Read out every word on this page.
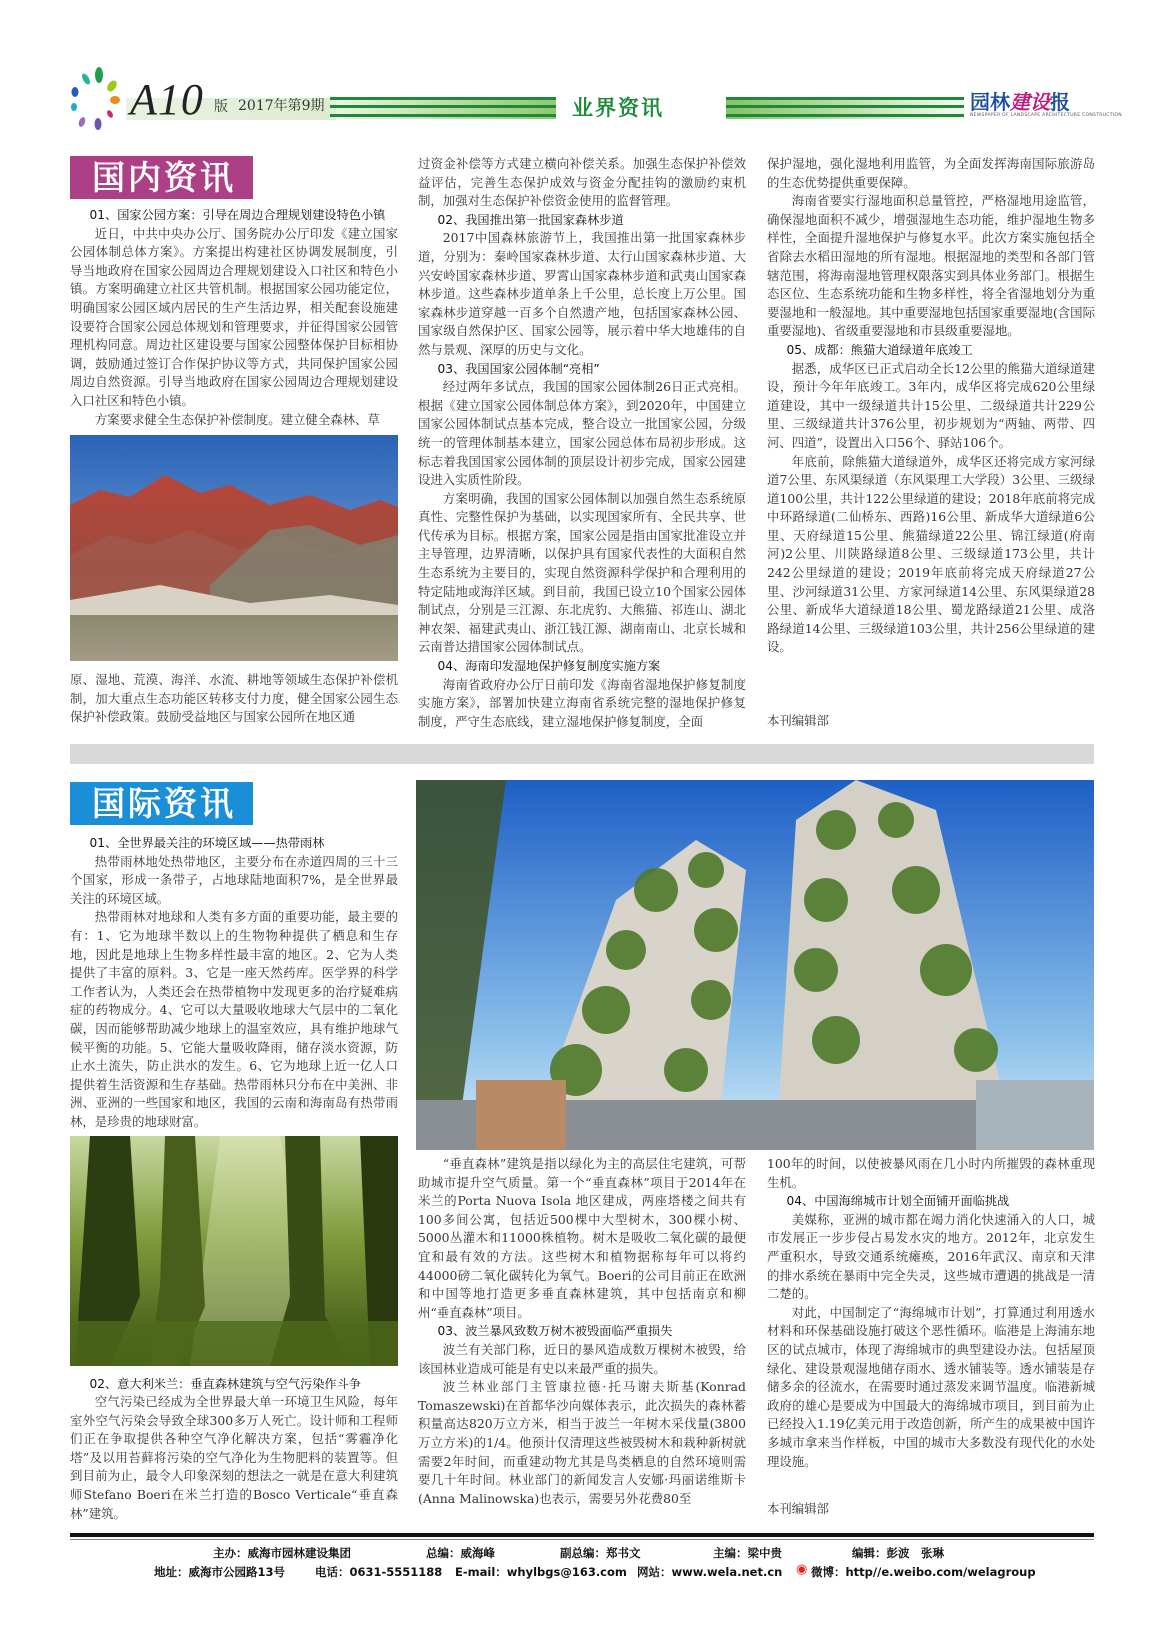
A10 版 2017年第9期	业界资讯	园林建设报
NEWSPAPER OF LANDSCAPE ARCHITECTURE CONSTRUCTION
国内资讯
01、国家公园方案：引导在周边合理规划建设特色小镇

近日，中共中央办公厅、国务院办公厅印发《建立国家公园体制总体方案》。方案提出构建社区协调发展制度，引导当地政府在国家公园周边合理规划建设入口社区和特色小镇。方案明确建立社区共管机制。根据国家公园功能定位，明确国家公园区域内居民的生产生活边界，相关配套设施建设要符合国家公园总体规划和管理要求，并征得国家公园管理机构同意。周边社区建设要与国家公园整体保护目标相协调，鼓励通过签订合作保护协议等方式，共同保护国家公园周边自然资源。引导当地政府在国家公园周边合理规划建设入口社区和特色小镇。

方案要求健全生态保护补偿制度。建立健全森林、草

原、湿地、荒漠、海洋、水流、耕地等领域生态保护补偿机制，加大重点生态功能区转移支付力度，健全国家公园生态保护补偿政策。鼓励受益地区与国家公园所在地区通

过资金补偿等方式建立横向补偿关系。加强生态保护补偿效益评估，完善生态保护成效与资金分配挂钩的激励约束机制，加强对生态保护补偿资金使用的监督管理。

02、我国推出第一批国家森林步道

2017中国森林旅游节上，我国推出第一批国家森林步道，分别为：秦岭国家森林步道、太行山国家森林步道、大兴安岭国家森林步道、罗霄山国家森林步道和武夷山国家森林步道。这些森林步道单条上千公里，总长度上万公里。国家森林步道穿越一百多个自然遗产地，包括国家森林公园、国家级自然保护区、国家公园等，展示着中华大地雄伟的自然与景观、深厚的历史与文化。

03、我国国家公园体制“亮相”

经过两年多试点，我国的国家公园体制26日正式亮相。根据《建立国家公园体制总体方案》，到2020年，中国建立国家公园体制试点基本完成，整合设立一批国家公园，分级统一的管理体制基本建立，国家公园总体布局初步形成。这标志着我国国家公园体制的顶层设计初步完成，国家公园建设进入实质性阶段。

方案明确，我国的国家公园体制以加强自然生态系统原真性、完整性保护为基础，以实现国家所有、全民共享、世代传承为目标。根据方案，国家公园是指由国家批准设立并主导管理，边界清晰，以保护具有国家代表性的大面积自然生态系统为主要目的，实现自然资源科学保护和合理利用的特定陆地或海洋区域。到目前，我国已设立10个国家公园体制试点，分别是三江源、东北虎豹、大熊猫、祁连山、湖北神农架、福建武夷山、浙江钱江源、湖南南山、北京长城和云南普达措国家公园体制试点。

04、海南印发湿地保护修复制度实施方案

海南省政府办公厅日前印发《海南省湿地保护修复制度实施方案》，部署加快建立海南省系统完整的湿地保护修复制度，严守生态底线，建立湿地保护修复制度，全面

保护湿地，强化湿地利用监管，为全面发挥海南国际旅游岛的生态优势提供重要保障。

海南省要实行湿地面积总量管控，严格湿地用途监管，确保湿地面积不减少，增强湿地生态功能，维护湿地生物多样性，全面提升湿地保护与修复水平。此次方案实施包括全省除去水稻田湿地的所有湿地。根据湿地的类型和各部门管辖范围，将海南湿地管理权限落实到具体业务部门。根据生态区位、生态系统功能和生物多样性，将全省湿地划分为重要湿地和一般湿地。其中重要湿地包括国家重要湿地(含国际重要湿地)、省级重要湿地和市县级重要湿地。

05、成都：熊猫大道绿道年底竣工

据悉，成华区已正式启动全长12公里的熊猫大道绿道建设，预计今年年底竣工。3年内，成华区将完成620公里绿道建设，其中一级绿道共计15公里、二级绿道共计229公里、三级绿道共计376公里，初步规划为“两轴、两带、四河、四道”，设置出入口56个、驿站106个。

年底前，除熊猫大道绿道外，成华区还将完成方家河绿道7公里、东风渠绿道（东风渠理工大学段）3公里、三级绿道100公里，共计122公里绿道的建设；2018年底前将完成中环路绿道(二仙桥东、西路)16公里、新成华大道绿道6公里、天府绿道15公里、熊猫绿道22公里、锦江绿道(府南河)2公里、川陕路绿道8公里、三级绿道173公里，共计242公里绿道的建设；2019年底前将完成天府绿道27公里、沙河绿道31公里、方家河绿道14公里、东风渠绿道28公里、新成华大道绿道18公里、蜀龙路绿道21公里、成洛路绿道14公里、三级绿道103公里，共计256公里绿道的建设。

本刊编辑部
国际资讯
01、全世界最关注的环境区域——热带雨林

热带雨林地处热带地区，主要分布在赤道四周的三十三个国家，形成一条带子，占地球陆地面积7%，是全世界最关注的环境区域。

热带雨林对地球和人类有多方面的重要功能，最主要的有：1、它为地球半数以上的生物物种提供了栖息和生存地，因此是地球上生物多样性最丰富的地区。2、它为人类提供了丰富的原料。3、它是一座天然药库。医学界的科学工作者认为，人类还会在热带植物中发现更多的治疗疑难病症的药物成分。4、它可以大量吸收地球大气层中的二氧化碳，因而能够帮助减少地球上的温室效应，具有维护地球气候平衡的功能。5、它能大量吸收降雨，储存淡水资源，防止水土流失，防止洪水的发生。6、它为地球上近一亿人口提供着生活资源和生存基础。热带雨林只分布在中美洲、非洲、亚洲的一些国家和地区，我国的云南和海南岛有热带雨林，是珍贵的地球财富。

02、意大利米兰：垂直森林建筑与空气污染作斗争

空气污染已经成为全世界最大单一环境卫生风险，每年室外空气污染会导致全球300多万人死亡。设计师和工程师们正在争取提供各种空气净化解决方案，包括“雾霾净化塔”及以用苔藓将污染的空气净化为生物肥料的装置等。但到目前为止，最令人印象深刻的想法之一就是在意大利建筑师Stefano Boeri在米兰打造的Bosco Verticale“垂直森林”建筑。

“垂直森林”建筑是指以绿化为主的高层住宅建筑，可帮助城市提升空气质量。第一个“垂直森林”项目于2014年在米兰的Porta Nuova Isola 地区建成，两座塔楼之间共有100多间公寓，包括近500棵中大型树木，300棵小树、5000丛灌木和11000株植物。树木是吸收二氧化碳的最便宜和最有效的方法。这些树木和植物据称每年可以将约44000磅二氧化碳转化为氧气。Boeri的公司目前正在欧洲和中国等地打造更多垂直森林建筑，其中包括南京和柳州“垂直森林”项目。

03、波兰暴风致数万树木被毁面临严重损失

波兰有关部门称，近日的暴风造成数万棵树木被毁，给该国林业造成可能是有史以来最严重的损失。

波兰林业部门主管康拉德·托马谢夫斯基(Konrad Tomaszewski)在首都华沙向媒体表示，此次损失的森林蓄积量高达820万立方米，相当于波兰一年树木采伐量(3800万立方米)的1/4。他预计仅清理这些被毁树木和栽种新树就需要2年时间，而重建动物尤其是鸟类栖息的自然环境则需要几十年时间。林业部门的新闻发言人安娜·玛丽诺维斯卡(Anna Malinowska)也表示，需要另外花费80至

100年的时间，以使被暴风雨在几小时内所摧毁的森林重现生机。

04、中国海绵城市计划全面铺开面临挑战

美媒称，亚洲的城市都在竭力消化快速涌入的人口，城市发展正一步步侵占易发水灾的地方。2012年，北京发生严重积水，导致交通系统瘫痪，2016年武汉、南京和天津的排水系统在暴雨中完全失灵，这些城市遭遇的挑战是一清二楚的。

对此，中国制定了“海绵城市计划”，打算通过利用透水材料和环保基础设施打破这个恶性循环。临港是上海浦东地区的试点城市，体现了海绵城市的典型建设办法。包括屋顶绿化、建设景观湿地储存雨水、透水铺装等。透水铺装是存储多余的径流水，在需要时通过蒸发来调节温度。临港新城政府的雄心是要成为中国最大的海绵城市项目，到目前为止已经投入1.19亿美元用于改造创新，所产生的成果被中国许多城市拿来当作样板，中国的城市大多数没有现代化的水处理设施。

本刊编辑部
主办：威海市园林建设集团	总编：威海峰	副总编：郑书文	主编：梁中贵	编辑：彭波　张琳
地址：威海市公园路13号	电话：0631-5551188 E-mail：whylbgs@163.com 网站：www.wela.net.cn ◉ 微博：http//e.weibo.com/welagroup
